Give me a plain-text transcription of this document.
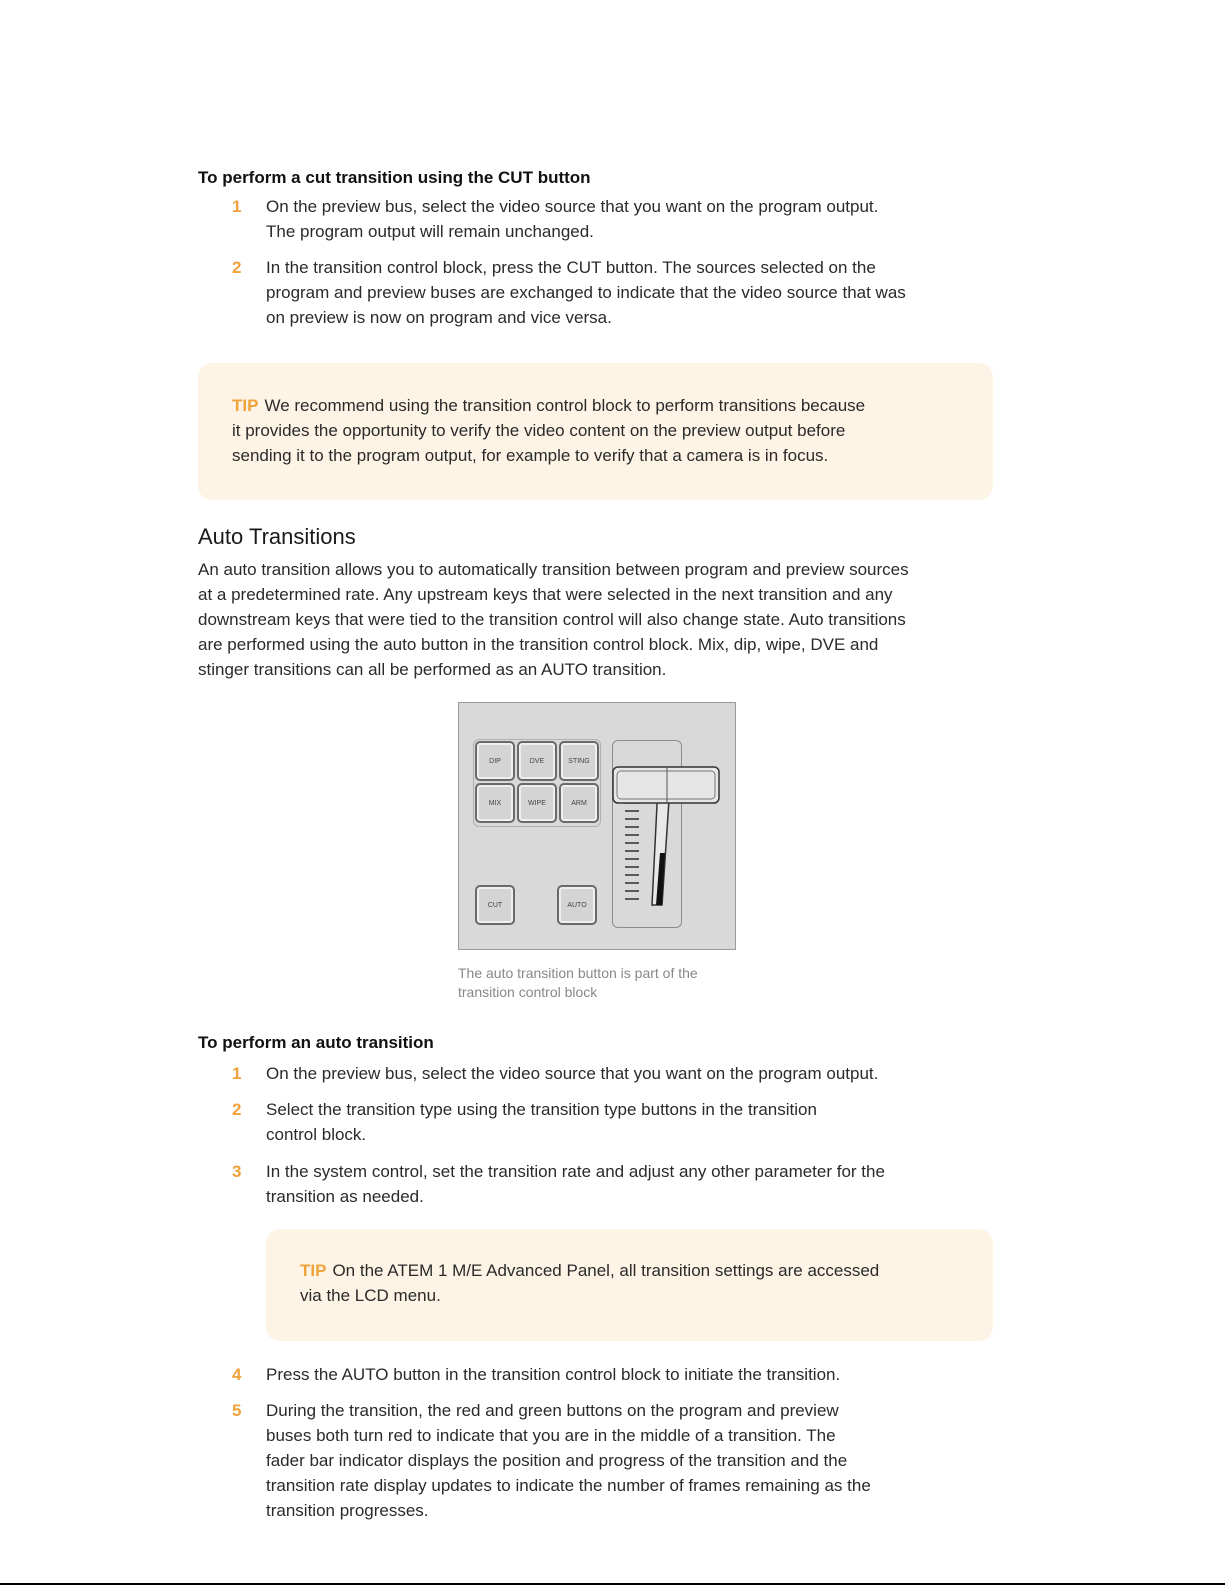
To perform a cut transition using the CUT button
1 On the preview bus, select the video source that you want on the program output.
The program output will remain unchanged.
2 In the transition control block, press the CUT button. The sources selected on the
program and preview buses are exchanged to indicate that the video source that was
on preview is now on program and vice versa.
TIP We recommend using the transition control block to perform transitions because
it provides the opportunity to verify the video content on the preview output before
sending it to the program output, for example to verify that a camera is in focus.
Auto Transitions
An auto transition allows you to automatically transition between program and preview sources
at a predetermined rate. Any upstream keys that were selected in the next transition and any
downstream keys that were tied to the transition control will also change state. Auto transitions
are performed using the auto button in the transition control block. Mix, dip, wipe, DVE and
stinger transitions can all be performed as an AUTO transition.
DIP	DVE	STING
MIX	WIPE	ARM
CUT	AUTO
The auto transition button is part of the
transition control block
To perform an auto transition
1 On the preview bus, select the video source that you want on the program output.
2 Select the transition type using the transition type buttons in the transition
control block.
3 In the system control, set the transition rate and adjust any other parameter for the
transition as needed.
TIP On the ATEM 1 M/E Advanced Panel, all transition settings are accessed
via the LCD menu.
4 Press the AUTO button in the transition control block to initiate the transition.
5 During the transition, the red and green buttons on the program and preview
buses both turn red to indicate that you are in the middle of a transition. The
fader bar indicator displays the position and progress of the transition and the
transition rate display updates to indicate the number of frames remaining as the
transition progresses.
